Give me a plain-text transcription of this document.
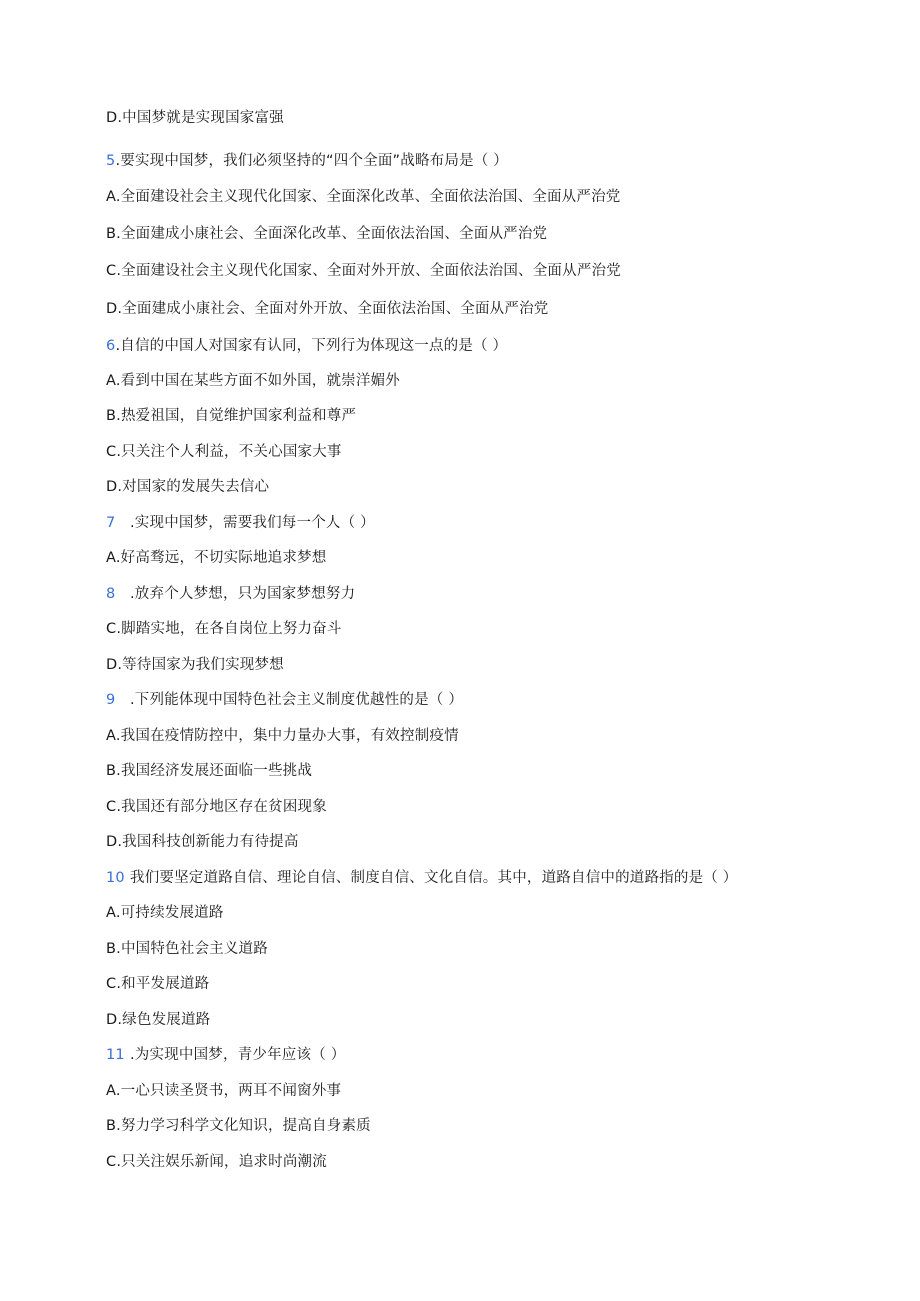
D.中国梦就是实现国家富强
5.要实现中国梦，我们必须坚持的“四个全面”战略布局是（ ）
A.全面建设社会主义现代化国家、全面深化改革、全面依法治国、全面从严治党
B.全面建成小康社会、全面深化改革、全面依法治国、全面从严治党
C.全面建设社会主义现代化国家、全面对外开放、全面依法治国、全面从严治党
D.全面建成小康社会、全面对外开放、全面依法治国、全面从严治党
6.自信的中国人对国家有认同，下列行为体现这一点的是（ ）
A.看到中国在某些方面不如外国，就崇洋媚外
B.热爱祖国，自觉维护国家利益和尊严
C.只关注个人利益，不关心国家大事
D.对国家的发展失去信心
7 .实现中国梦，需要我们每一个人（ ）
A.好高骛远，不切实际地追求梦想
8 .放弃个人梦想，只为国家梦想努力
C.脚踏实地，在各自岗位上努力奋斗
D.等待国家为我们实现梦想
9 .下列能体现中国特色社会主义制度优越性的是（ ）
A.我国在疫情防控中，集中力量办大事，有效控制疫情
B.我国经济发展还面临一些挑战
C.我国还有部分地区存在贫困现象
D.我国科技创新能力有待提高
10 我们要坚定道路自信、理论自信、制度自信、文化自信。其中，道路自信中的道路指的是（ ）
A.可持续发展道路
B.中国特色社会主义道路
C.和平发展道路
D.绿色发展道路
11 .为实现中国梦，青少年应该（ ）
A.一心只读圣贤书，两耳不闻窗外事
B.努力学习科学文化知识，提高自身素质
C.只关注娱乐新闻，追求时尚潮流
